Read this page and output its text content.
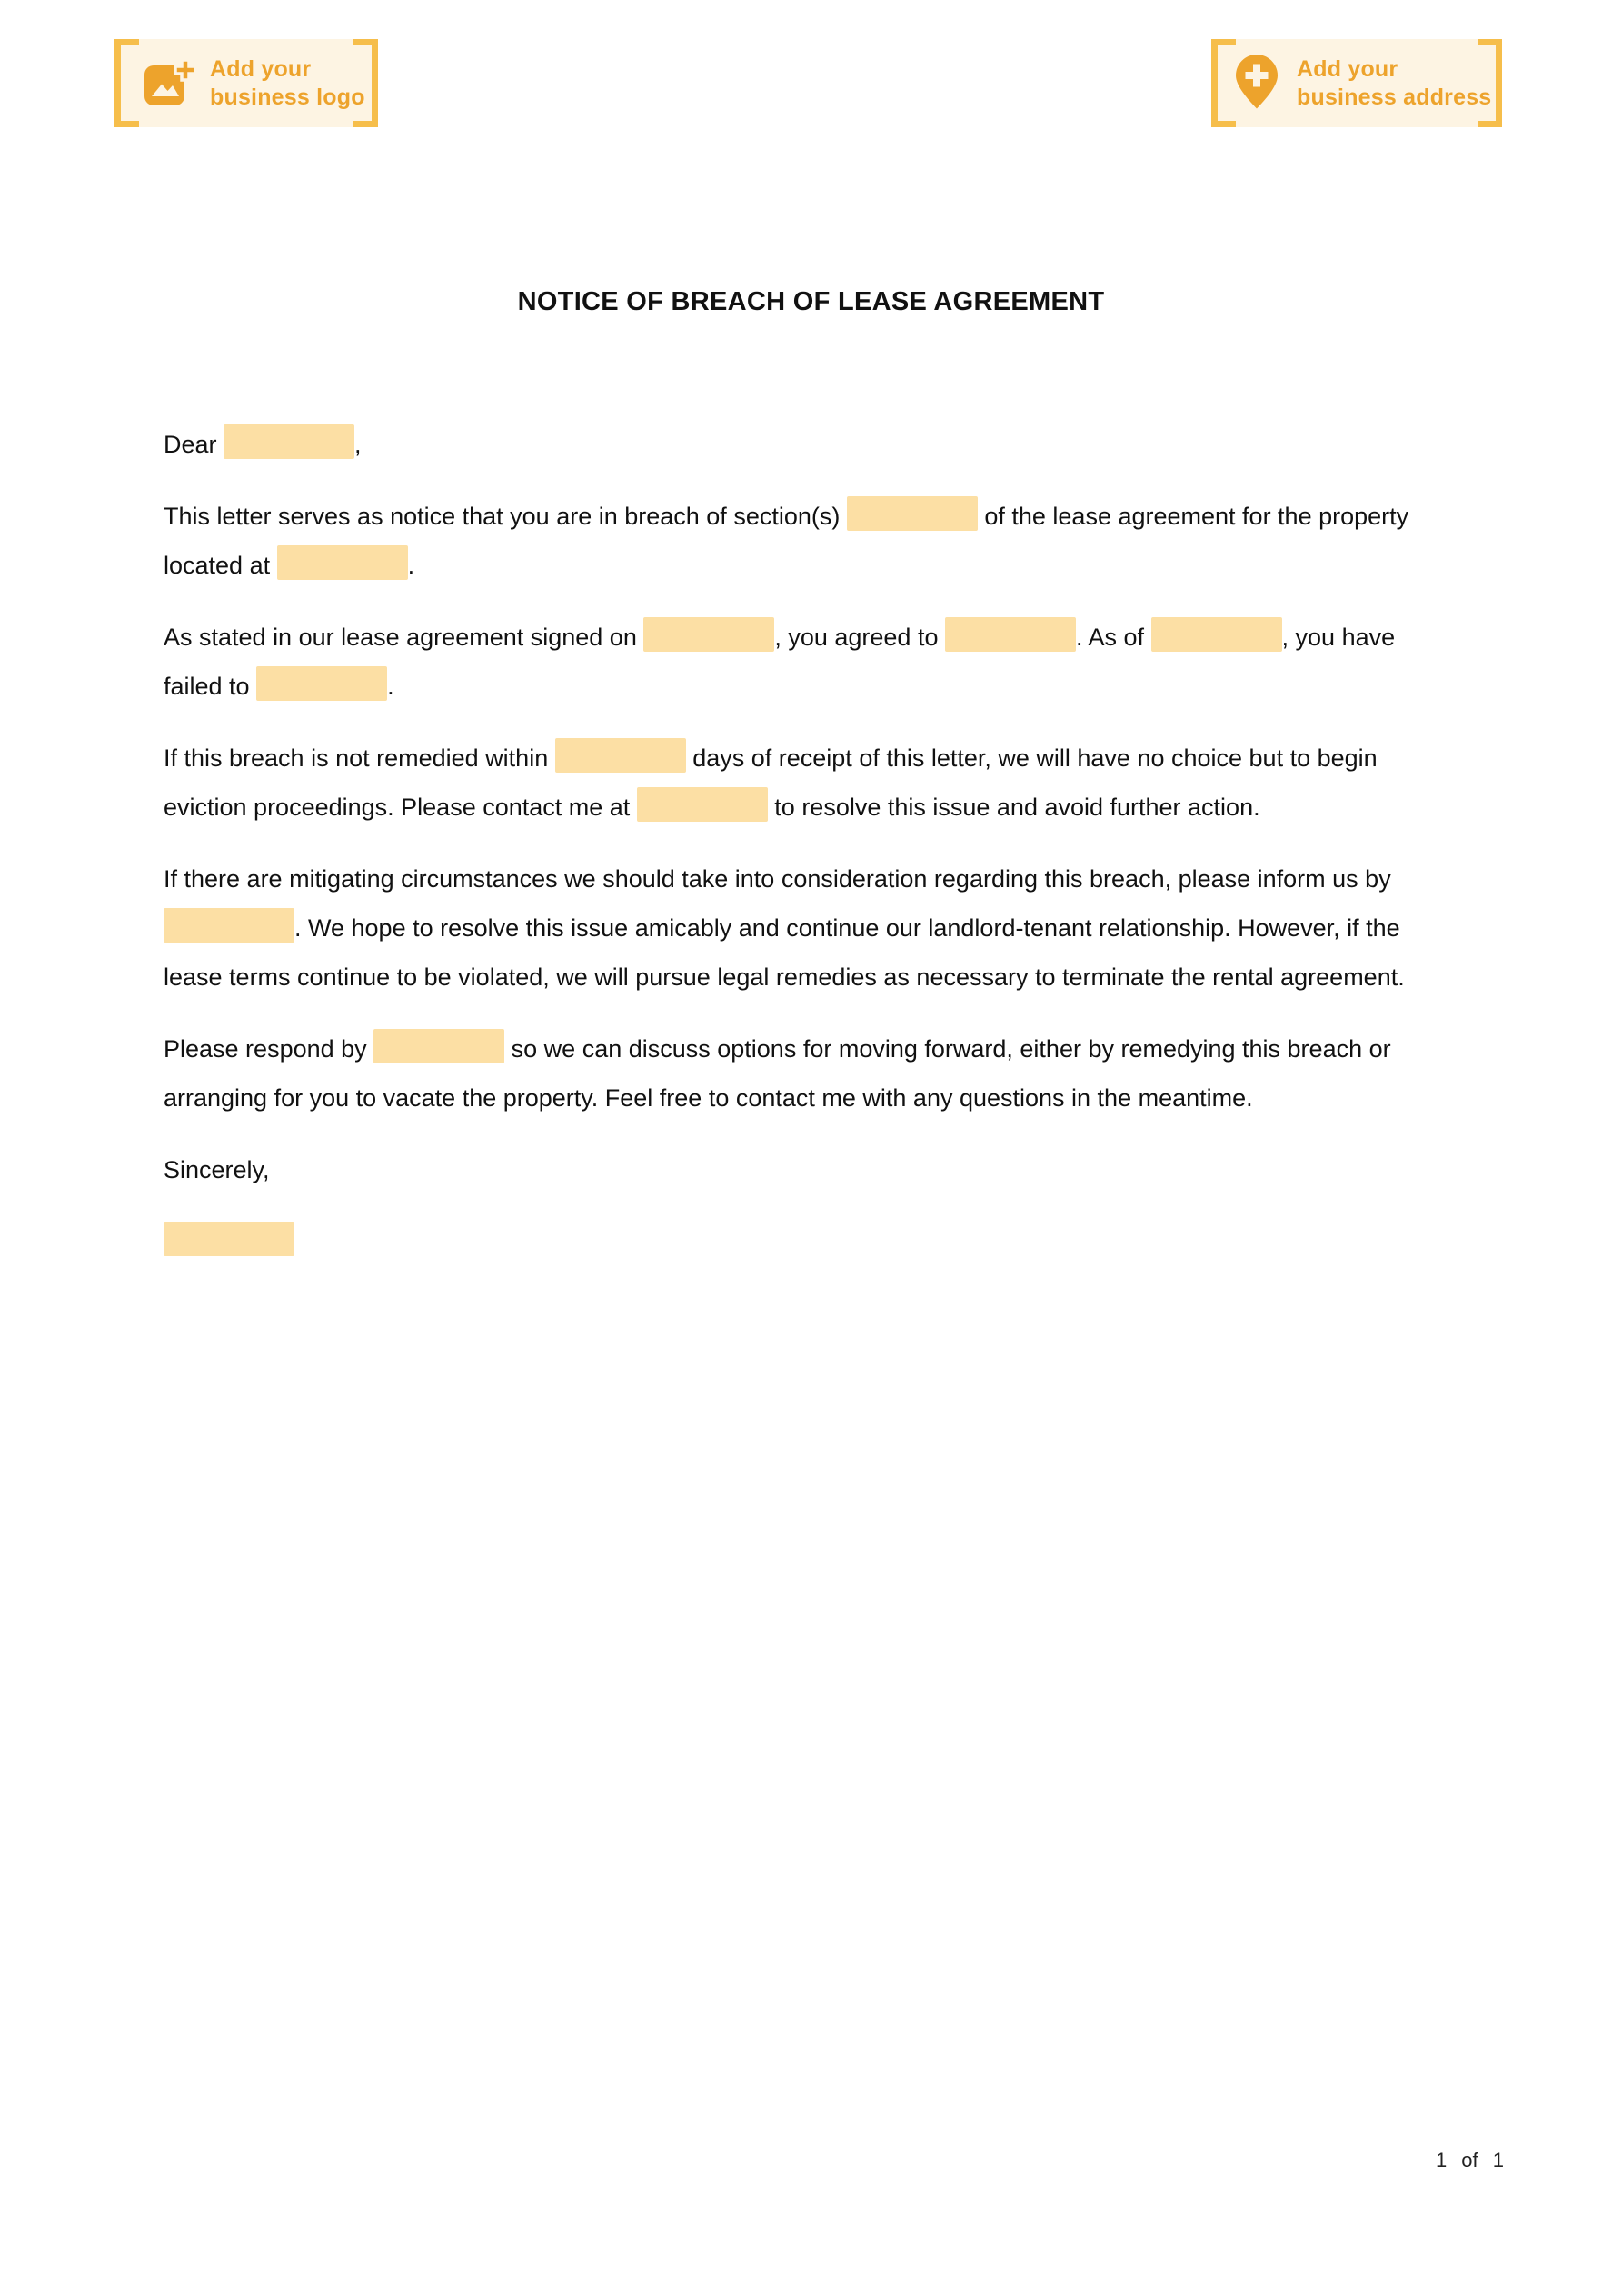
Add your
business logo
Add your
business address
NOTICE OF BREACH OF LEASE AGREEMENT

Dear	,

This letter serves as notice that you are in breach of section(s)	of the lease agreement for the property located at	.

As stated in our lease agreement signed on	, you agreed to	. As of	, you have failed to	.

If this breach is not remedied within	days of receipt of this letter, we will have no choice but to begin eviction proceedings. Please contact me at	to resolve this issue and avoid further action.

If there are mitigating circumstances we should take into consideration regarding this breach, please inform us by . We hope to resolve this issue amicably and continue our landlord-tenant relationship. However, if the lease terms continue to be violated, we will pursue legal remedies as necessary to terminate the rental agreement.

Please respond by	so we can discuss options for moving forward, either by remedying this breach or arranging for you to vacate the property. Feel free to contact me with any questions in the meantime.

Sincerely,

1 of 1
